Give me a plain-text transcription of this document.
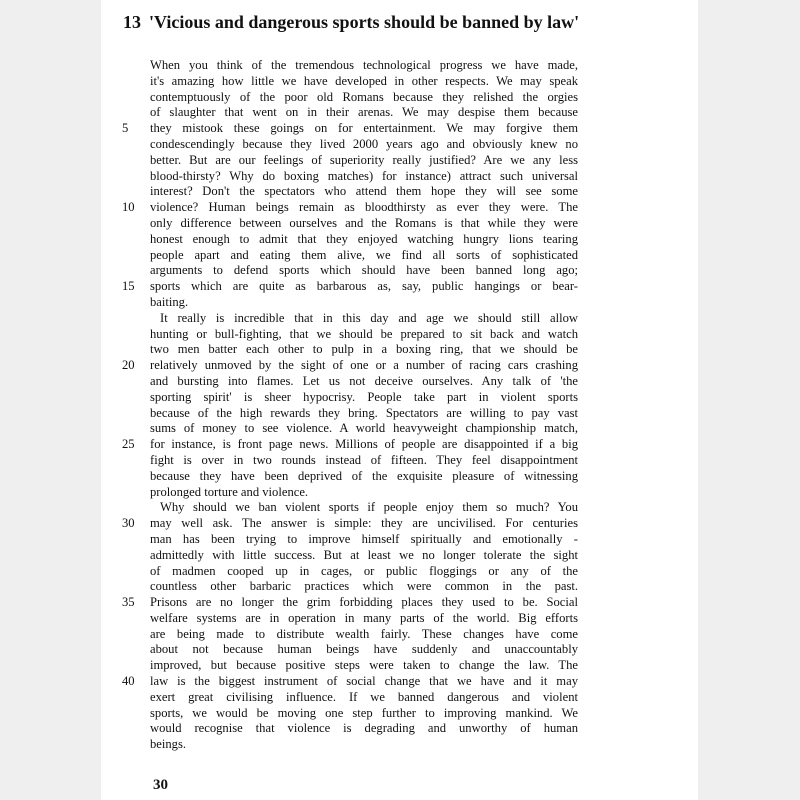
13 'Vicious and dangerous sports should be banned by law'
5
10
15
20
25
30
35
40
When you think of the tremendous technological progress we have made,
it's amazing how little we have developed in other respects. We may speak
contemptuously of the poor old Romans because they relished the orgies
of slaughter that went on in their arenas. We may despise them because
they mistook these goings on for entertainment. We may forgive them
condescendingly because they lived 2000 years ago and obviously knew no
better. But are our feelings of superiority really justified? Are we any less
blood-thirsty? Why do boxing matches) for instance) attract such universal
interest? Don't the spectators who attend them hope they will see some
violence? Human beings remain as bloodthirsty as ever they were. The
only difference between ourselves and the Romans is that while they were
honest enough to admit that they enjoyed watching hungry lions tearing
people apart and eating them alive, we find all sorts of sophisticated
arguments to defend sports which should have been banned long ago;
sports which are quite as barbarous as, say, public hangings or bear-
baiting.
It really is incredible that in this day and age we should still allow
hunting or bull-fighting, that we should be prepared to sit back and watch
two men batter each other to pulp in a boxing ring, that we should be
relatively unmoved by the sight of one or a number of racing cars crashing
and bursting into flames. Let us not deceive ourselves. Any talk of 'the
sporting spirit' is sheer hypocrisy. People take part in violent sports
because of the high rewards they bring. Spectators are willing to pay vast
sums of money to see violence. A world heavyweight championship match,
for instance, is front page news. Millions of people are disappointed if a big
fight is over in two rounds instead of fifteen. They feel disappointment
because they have been deprived of the exquisite pleasure of witnessing
prolonged torture and violence.
Why should we ban violent sports if people enjoy them so much? You
may well ask. The answer is simple: they are uncivilised. For centuries
man has been trying to improve himself spiritually and emotionally -
admittedly with little success. But at least we no longer tolerate the sight
of madmen cooped up in cages, or public floggings or any of the
countless other barbaric practices which were common in the past.
Prisons are no longer the grim forbidding places they used to be. Social
welfare systems are in operation in many parts of the world. Big efforts
are being made to distribute wealth fairly. These changes have come
about not because human beings have suddenly and unaccountably
improved, but because positive steps were taken to change the law. The
law is the biggest instrument of social change that we have and it may
exert great civilising influence. If we banned dangerous and violent
sports, we would be moving one step further to improving mankind. We
would recognise that violence is degrading and unworthy of human
beings.
30
